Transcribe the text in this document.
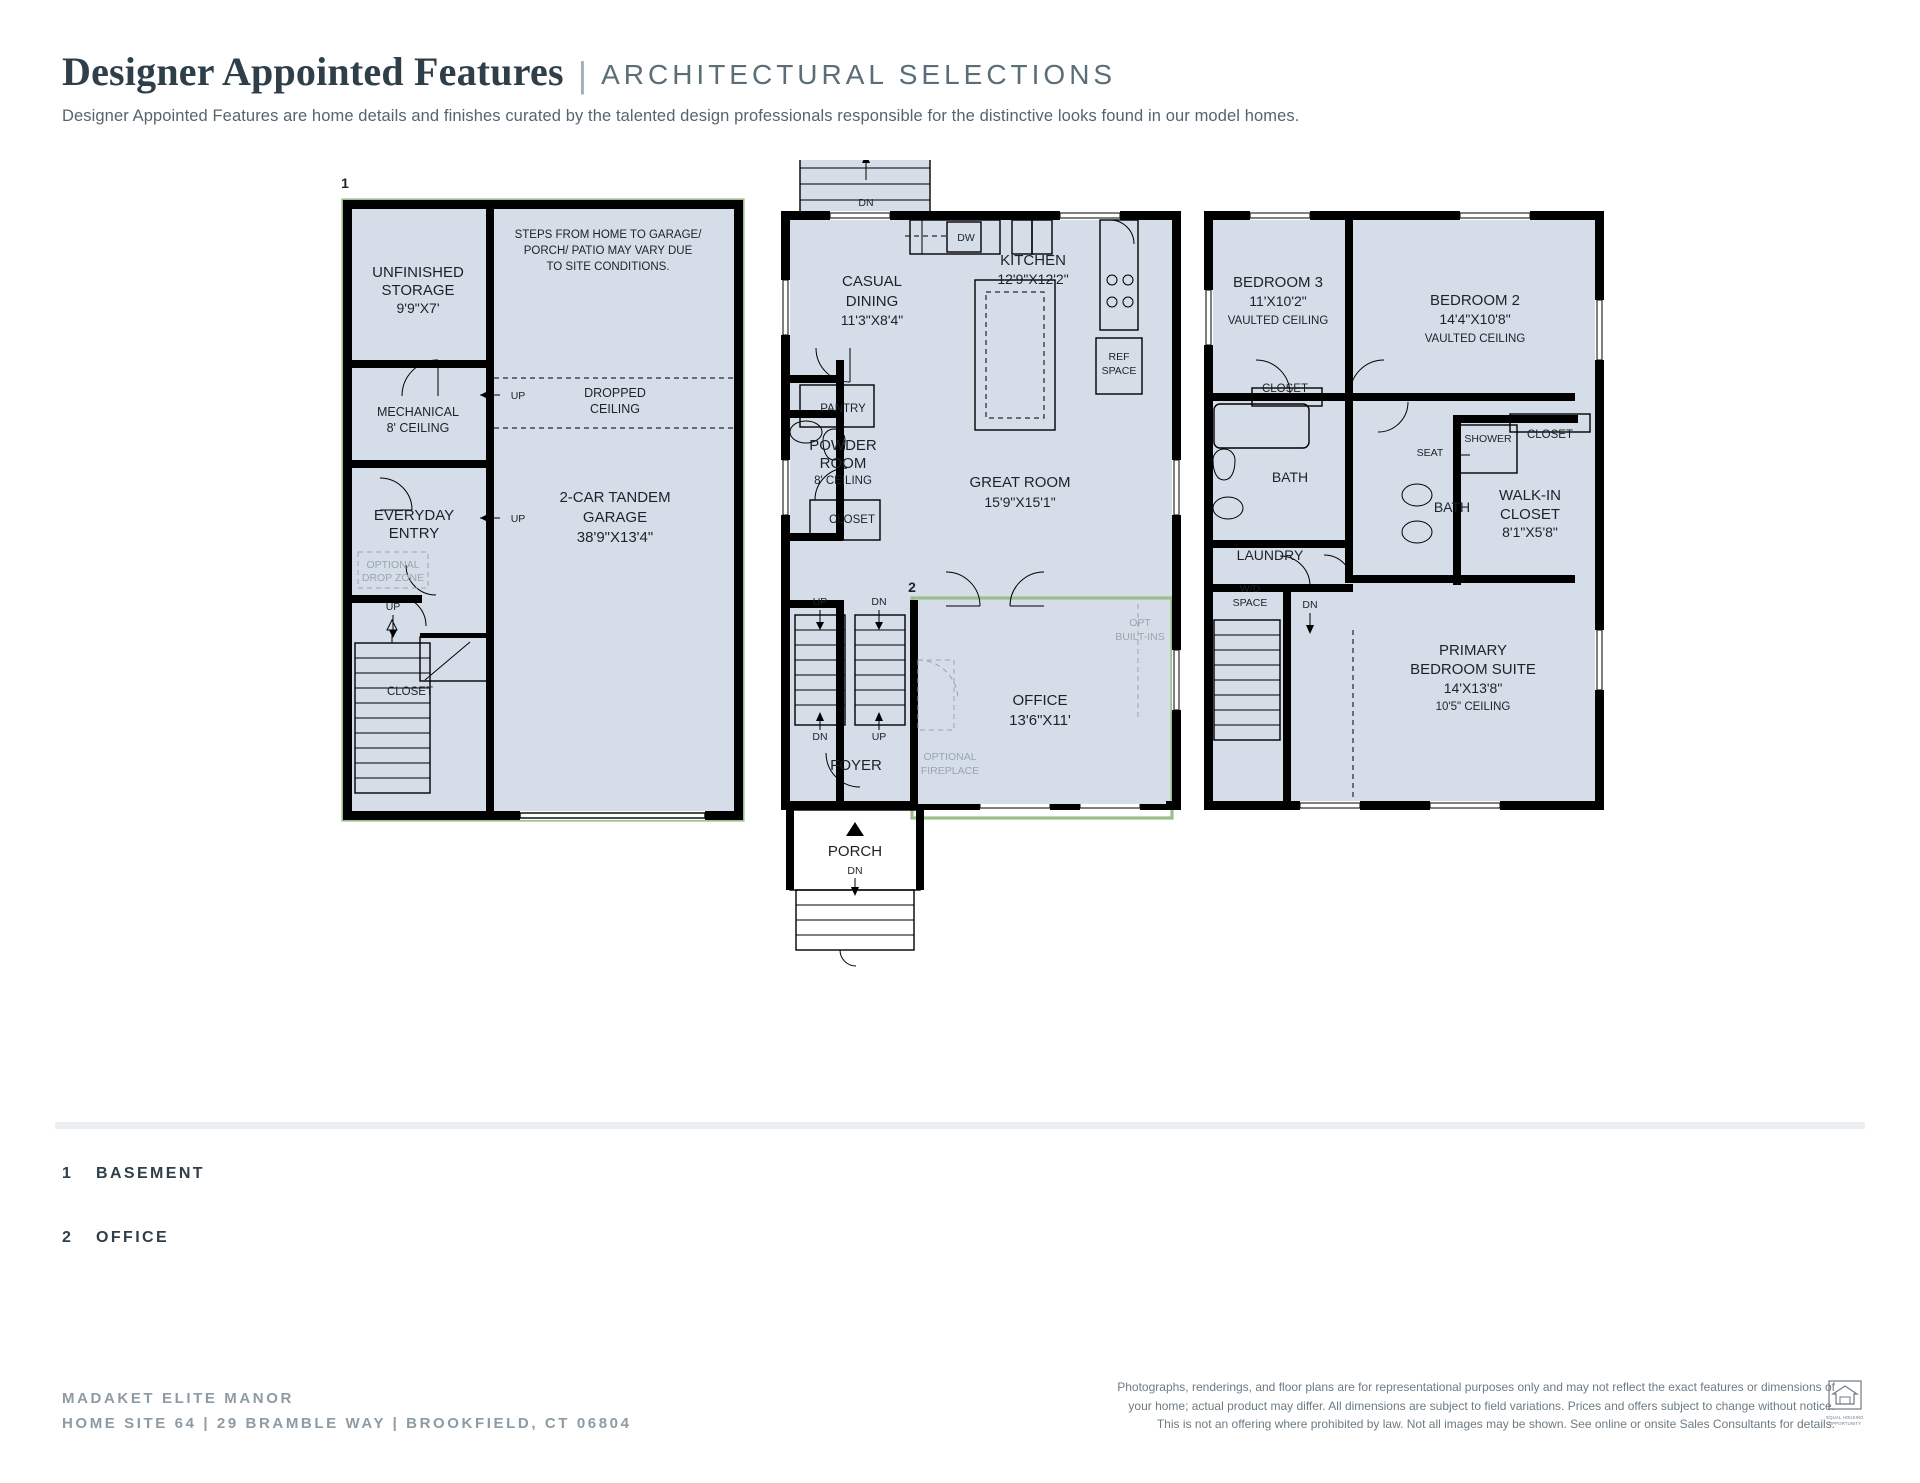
Designer Appointed Features | ARCHITECTURAL SELECTIONS
Designer Appointed Features are home details and finishes curated by the talented design professionals responsible for the distinctive looks found in our model homes.
1
UP
UP
UP
UNFINISHED
STORAGE
9'9"X7'
MECHANICAL
8' CEILING
OPTIONAL
DROP ZONE
EVERYDAY
ENTRY
CLOSET
2-CAR TANDEM
GARAGE
38'9"X13'4"
DROPPED
CEILING
STEPS FROM HOME TO GARAGE/
PORCH/ PATIO MAY VARY DUE
TO SITE CONDITIONS.
DN
2
DW
REF
SPACE
PANTRY
POWDER
ROOM
8' CEILING
CLOSET
UP	DN
DN	UP
FOYER	OPTIONAL
FIREPLACE
OPT
BUILT-INS
OFFICE
13'6"X11'
CASUAL
DINING
11'3"X8'4"
KITCHEN
12'9"X12'2"
GREAT ROOM
15'9"X15'1"
PORCH
DN
BATH
SHOWER
SEAT
BATH
CLOSET
CLOSET
LAUNDRY
W/D
SPACE	DN
BEDROOM 3
11'X10'2"
VAULTED CEILING
BEDROOM 2
14'4"X10'8"
VAULTED CEILING
WALK-IN
CLOSET
8'1"X5'8"
PRIMARY
BEDROOM SUITE
14'X13'8"
10'5" CEILING
1	BASEMENT
2	OFFICE
MADAKET ELITE MANOR
HOME SITE 64 | 29 BRAMBLE WAY | BROOKFIELD, CT 06804
Photographs, renderings, and floor plans are for representational purposes only and may not reflect the exact features or dimensions of
your home; actual product may differ. All dimensions are subject to field variations. Prices and offers subject to change without notice.
This is not an offering where prohibited by law. Not all images may be shown. See online or onsite Sales Consultants for details.
EQUAL HOUSING
OPPORTUNITY
